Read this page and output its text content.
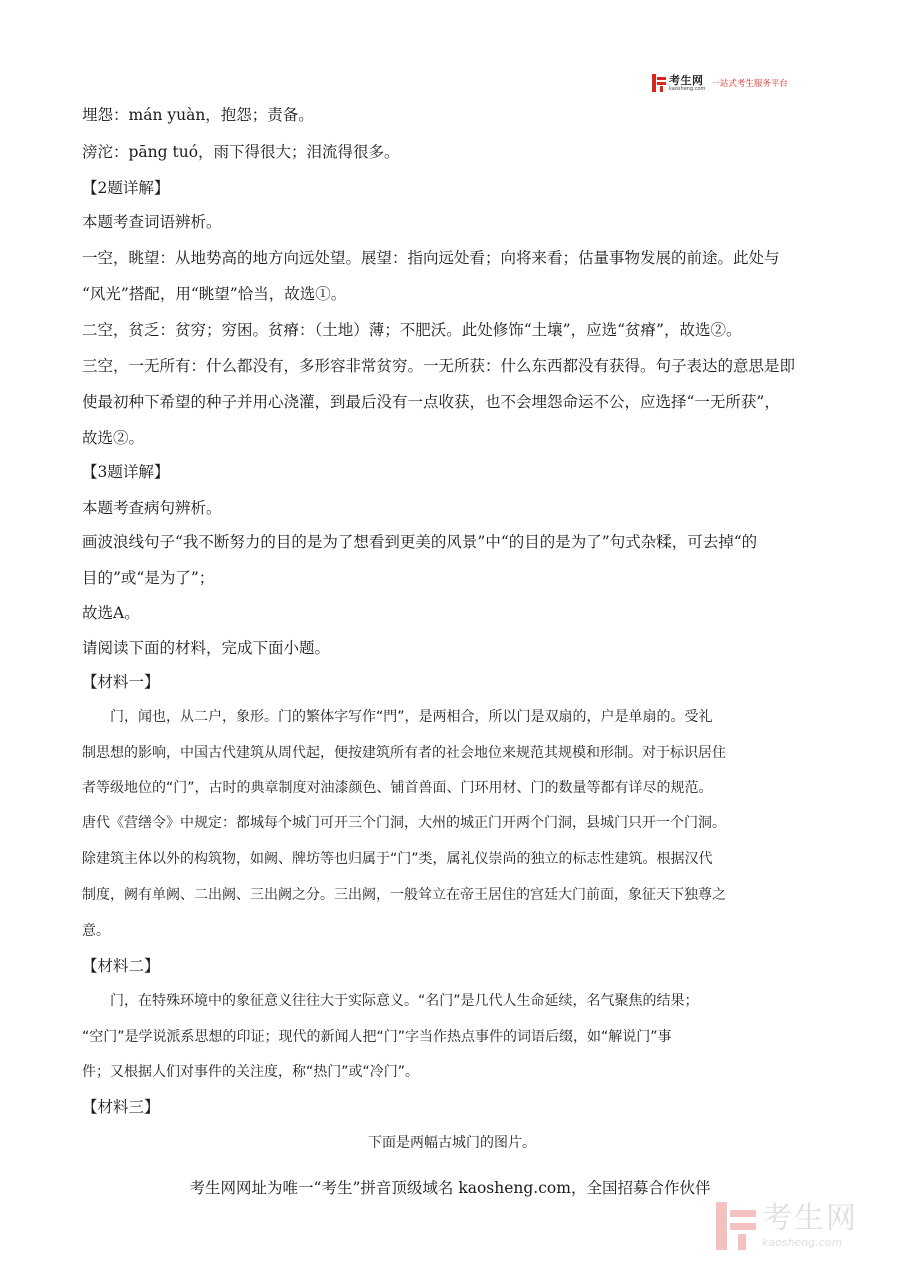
考生网
kaosheng.com 一站式考生服务平台

埋怨：mán yuàn，抱怨；责备。

滂沱：pāng tuó，雨下得很大；泪流得很多。

【2题详解】

本题考查词语辨析。

一空，眺望：从地势高的地方向远处望。展望：指向远处看；向将来看；估量事物发展的前途。此处与

“风光”搭配，用“眺望”恰当，故选①。

二空，贫乏：贫穷；穷困。贫瘠：（土地）薄；不肥沃。此处修饰“土壤”，应选“贫瘠”，故选②。

三空，一无所有：什么都没有，多形容非常贫穷。一无所获：什么东西都没有获得。句子表达的意思是即

使最初种下希望的种子并用心浇灌，到最后没有一点收获，也不会埋怨命运不公，应选择“一无所获”，

故选②。

【3题详解】

本题考查病句辨析。

画波浪线句子“我不断努力的目的是为了想看到更美的风景”中“的目的是为了”句式杂糅，可去掉“的

目的”或“是为了”；

故选A。

请阅读下面的材料，完成下面小题。

【材料一】

门，闻也，从二户，象形。门的繁体字写作“門”，是两相合，所以门是双扇的，户是单扇的。受礼
制思想的影响，中国古代建筑从周代起，便按建筑所有者的社会地位来规范其规模和形制。对于标识居住
者等级地位的“门”，古时的典章制度对油漆颜色、铺首兽面、门环用材、门的数量等都有详尽的规范。
唐代《营缮令》中规定：都城每个城门可开三个门洞，大州的城正门开两个门洞，县城门只开一个门洞。
除建筑主体以外的构筑物，如阙、牌坊等也归属于“门”类，属礼仪崇尚的独立的标志性建筑。根据汉代
制度，阙有单阙、二出阙、三出阙之分。三出阙，一般耸立在帝王居住的宫廷大门前面，象征天下独尊之
意。

【材料二】

门，在特殊环境中的象征意义往往大于实际意义。“名门”是几代人生命延续，名气聚焦的结果；
“空门”是学说派系思想的印证；现代的新闻人把“门”字当作热点事件的词语后缀，如“解说门”事
件；又根据人们对事件的关注度，称“热门”或“冷门”。

【材料三】

下面是两幅古城门的图片。
考生网网址为唯一“考生”拼音顶级域名 kaosheng.com，全国招募合作伙伴
考生网
kaosheng.com
